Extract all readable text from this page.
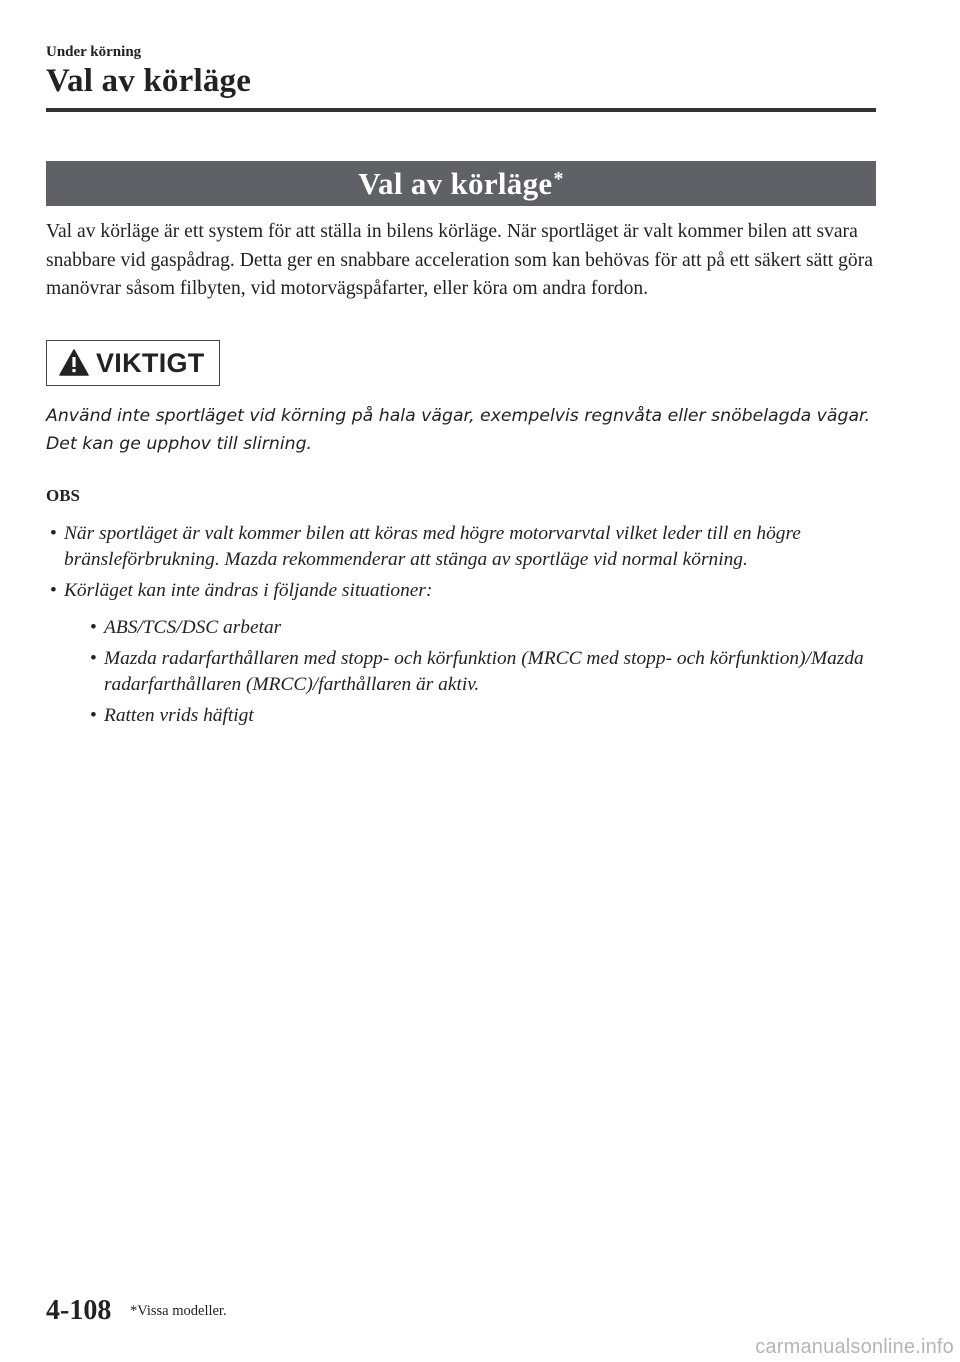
Under körning
Val av körläge
Val av körläge*
Val av körläge är ett system för att ställa in bilens körläge. När sportläget är valt kommer bilen att svara snabbare vid gaspådrag. Detta ger en snabbare acceleration som kan behövas för att på ett säkert sätt göra manövrar såsom filbyten, vid motorvägspåfarter, eller köra om andra fordon.
VIKTIGT
Använd inte sportläget vid körning på hala vägar, exempelvis regnvåta eller snöbelagda vägar. Det kan ge upphov till slirning.
OBS
• När sportläget är valt kommer bilen att köras med högre motorvarvtal vilket leder till en högre bränsleförbrukning. Mazda rekommenderar att stänga av sportläge vid normal körning.
• Körläget kan inte ändras i följande situationer:
• ABS/TCS/DSC arbetar
• Mazda radarfarthållaren med stopp- och körfunktion (MRCC med stopp- och körfunktion)/Mazda radarfarthållaren (MRCC)/farthållaren är aktiv.
• Ratten vrids häftigt
4-108 *Vissa modeller.
carmanualsonline.info
